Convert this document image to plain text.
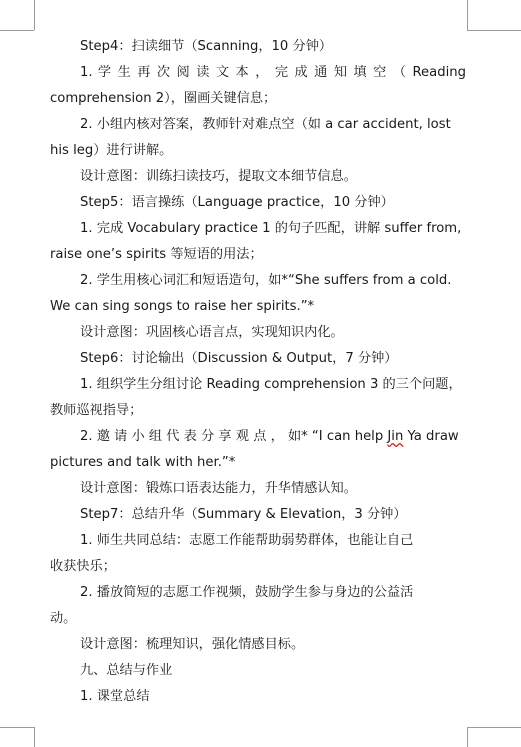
Step4：扫读细节（Scanning，10 分钟）
1. 学 生 再 次 阅 读 文 本 ， 完 成 通 知 填 空 （ Reading
comprehension 2），圈画关键信息；
2. 小组内核对答案，教师针对难点空（如 a car accident, lost
his leg）进行讲解。
设计意图：训练扫读技巧，提取文本细节信息。
Step5：语言操练（Language practice，10 分钟）
1. 完成 Vocabulary practice 1 的句子匹配，讲解 suffer from,
raise one’s spirits 等短语的用法；
2. 学生用核心词汇和短语造句，如*“She suffers from a cold.
We can sing songs to raise her spirits.”*
设计意图：巩固核心语言点，实现知识内化。
Step6：讨论输出（Discussion & Output，7 分钟）
1. 组织学生分组讨论 Reading comprehension 3 的三个问题，
教师巡视指导；
2. 邀 请 小 组 代 表 分 享 观 点 ， 如* “I can help Jin Ya draw
pictures and talk with her.”*
设计意图：锻炼口语表达能力，升华情感认知。
Step7：总结升华（Summary & Elevation，3 分钟）
1. 师生共同总结：志愿工作能帮助弱势群体，也能让自己
收获快乐；
2. 播放简短的志愿工作视频，鼓励学生参与身边的公益活
动。
设计意图：梳理知识，强化情感目标。
九、总结与作业
1. 课堂总结
